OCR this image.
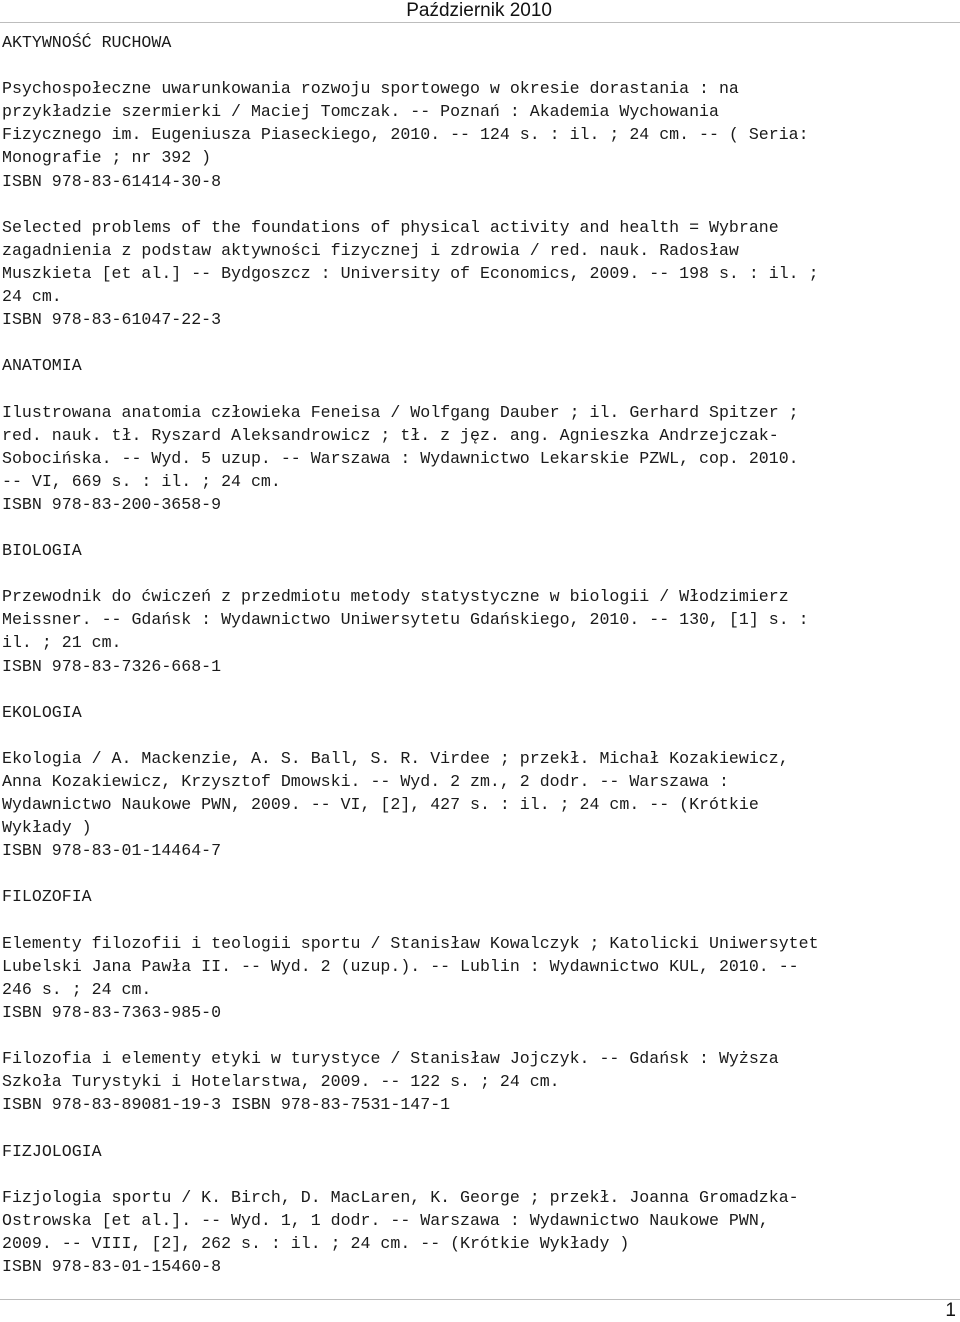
Październik 2010
AKTYWNOŚĆ RUCHOWA

Psychospołeczne uwarunkowania rozwoju sportowego w okresie dorastania : na

przykładzie szermierki / Maciej Tomczak. -- Poznań : Akademia Wychowania

Fizycznego im. Eugeniusza Piaseckiego, 2010. -- 124 s. : il. ; 24 cm. -- ( Seria:

Monografie ; nr 392 )

ISBN 978-83-61414-30-8

Selected problems of the foundations of physical activity and health = Wybrane

zagadnienia z podstaw aktywności fizycznej i zdrowia / red. nauk. Radosław

Muszkieta [et al.] -- Bydgoszcz : University of Economics, 2009. -- 198 s. : il. ;

24 cm.

ISBN 978-83-61047-22-3

ANATOMIA

Ilustrowana anatomia człowieka Feneisa / Wolfgang Dauber ; il. Gerhard Spitzer ;

red. nauk. tł. Ryszard Aleksandrowicz ; tł. z jęz. ang. Agnieszka Andrzejczak-

Sobocińska. -- Wyd. 5 uzup. -- Warszawa : Wydawnictwo Lekarskie PZWL, cop. 2010.

-- VI, 669 s. : il. ; 24 cm.

ISBN 978-83-200-3658-9

BIOLOGIA

Przewodnik do ćwiczeń z przedmiotu metody statystyczne w biologii / Włodzimierz

Meissner. -- Gdańsk : Wydawnictwo Uniwersytetu Gdańskiego, 2010. -- 130, [1] s. :

il. ; 21 cm.

ISBN 978-83-7326-668-1

EKOLOGIA

Ekologia / A. Mackenzie, A. S. Ball, S. R. Virdee ; przekł. Michał Kozakiewicz,

Anna Kozakiewicz, Krzysztof Dmowski. -- Wyd. 2 zm., 2 dodr. -- Warszawa :

Wydawnictwo Naukowe PWN, 2009. -- VI, [2], 427 s. : il. ; 24 cm. -- (Krótkie

Wykłady )

ISBN 978-83-01-14464-7

FILOZOFIA

Elementy filozofii i teologii sportu / Stanisław Kowalczyk ; Katolicki Uniwersytet

Lubelski Jana Pawła II. -- Wyd. 2 (uzup.). -- Lublin : Wydawnictwo KUL, 2010. --

246 s. ; 24 cm.

ISBN 978-83-7363-985-0

Filozofia i elementy etyki w turystyce / Stanisław Jojczyk. -- Gdańsk : Wyższa

Szkoła Turystyki i Hotelarstwa, 2009. -- 122 s. ; 24 cm.

ISBN 978-83-89081-19-3 ISBN 978-83-7531-147-1

FIZJOLOGIA

Fizjologia sportu / K. Birch, D. MacLaren, K. George ; przekł. Joanna Gromadzka-

Ostrowska [et al.]. -- Wyd. 1, 1 dodr. -- Warszawa : Wydawnictwo Naukowe PWN,

2009. -- VIII, [2], 262 s. : il. ; 24 cm. -- (Krótkie Wykłady )

ISBN 978-83-01-15460-8

1
